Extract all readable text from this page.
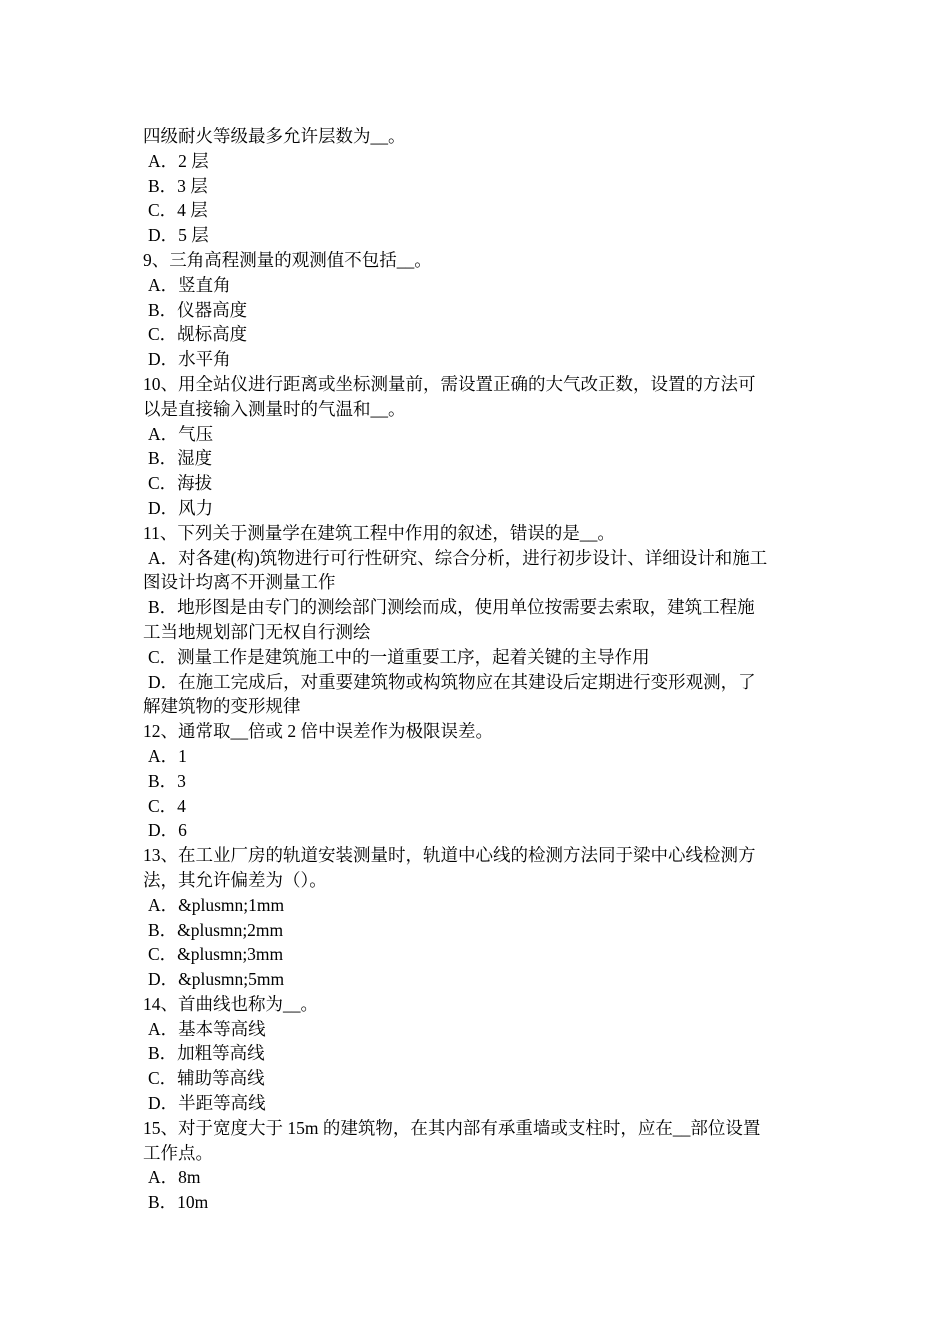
四级耐火等级最多允许层数为__。
A．2 层
B．3 层
C．4 层
D．5 层
9、三角高程测量的观测值不包括__。
A．竖直角
B．仪器高度
C．觇标高度
D．水平角
10、用全站仪进行距离或坐标测量前，需设置正确的大气改正数，设置的方法可
以是直接输入测量时的气温和__。
A．气压
B．湿度
C．海拔
D．风力
11、下列关于测量学在建筑工程中作用的叙述，错误的是__。
A．对各建(构)筑物进行可行性研究、综合分析，进行初步设计、详细设计和施工
图设计均离不开测量工作
B．地形图是由专门的测绘部门测绘而成，使用单位按需要去索取，建筑工程施
工当地规划部门无权自行测绘
C．测量工作是建筑施工中的一道重要工序，起着关键的主导作用
D．在施工完成后，对重要建筑物或构筑物应在其建设后定期进行变形观测，了
解建筑物的变形规律
12、通常取__倍或 2 倍中误差作为极限误差。
A．1
B．3
C．4
D．6
13、在工业厂房的轨道安装测量时，轨道中心线的检测方法同于梁中心线检测方
法，其允许偏差为（）。
A．&plusmn;1mm
B．&plusmn;2mm
C．&plusmn;3mm
D．&plusmn;5mm
14、首曲线也称为__。
A．基本等高线
B．加粗等高线
C．辅助等高线
D．半距等高线
15、对于宽度大于 15m 的建筑物，在其内部有承重墙或支柱时，应在__部位设置
工作点。
A．8m
B．10m
